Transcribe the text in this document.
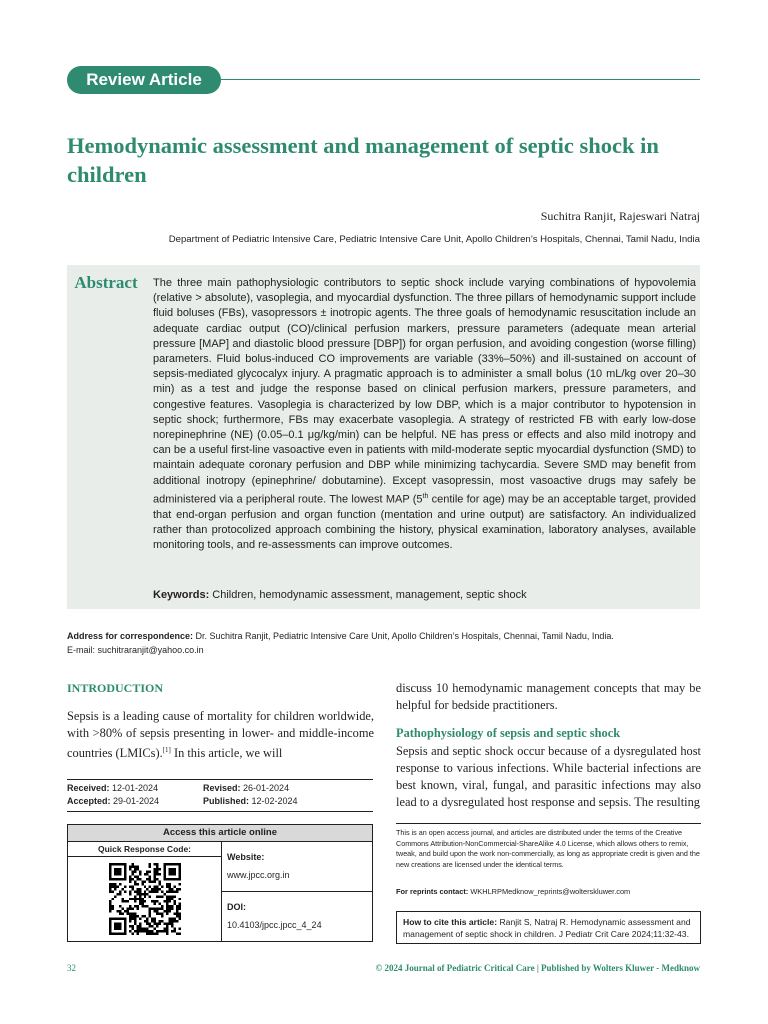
Review Article
Hemodynamic assessment and management of septic shock in children
Suchitra Ranjit, Rajeswari Natraj
Department of Pediatric Intensive Care, Pediatric Intensive Care Unit, Apollo Children’s Hospitals, Chennai, Tamil Nadu, India
Abstract	The three main pathophysiologic contributors to septic shock include varying combinations of hypovolemia (relative > absolute), vasoplegia, and myocardial dysfunction. The three pillars of hemodynamic support include fluid boluses (FBs), vasopressors ± inotropic agents. The three goals of hemodynamic resuscitation include an adequate cardiac output (CO)/clinical perfusion markers, pressure parameters (adequate mean arterial pressure [MAP] and diastolic blood pressure [DBP]) for organ perfusion, and avoiding congestion (worse filling) parameters. Fluid bolus-induced CO improvements are variable (33%–50%) and ill-sustained on account of sepsis-mediated glycocalyx injury. A pragmatic approach is to administer a small bolus (10 mL/kg over 20–30 min) as a test and judge the response based on clinical perfusion markers, pressure parameters, and congestive features. Vasoplegia is characterized by low DBP, which is a major contributor to hypotension in septic shock; furthermore, FBs may exacerbate vasoplegia. A strategy of restricted FB with early low-dose norepinephrine (NE) (0.05–0.1 μg/kg/min) can be helpful. NE has press or effects and also mild inotropy and can be a useful first-line vasoactive even in patients with mild-moderate septic myocardial dysfunction (SMD) to maintain adequate coronary perfusion and DBP while minimizing tachycardia. Severe SMD may benefit from additional inotropy (epinephrine/ dobutamine). Except vasopressin, most vasoactive drugs may safely be administered via a peripheral route. The lowest MAP (5th centile for age) may be an acceptable target, provided that end-organ perfusion and organ function (mentation and urine output) are satisfactory. An individualized rather than protocolized approach combining the history, physical examination, laboratory analyses, available monitoring tools, and re-assessments can improve outcomes.

Keywords: Children, hemodynamic assessment, management, septic shock
Address for correspondence: Dr. Suchitra Ranjit, Pediatric Intensive Care Unit, Apollo Children’s Hospitals, Chennai, Tamil Nadu, India.
E-mail: suchitraranjit@yahoo.co.in
INTRODUCTION

Sepsis is a leading cause of mortality for children worldwide, with >80% of sepsis presenting in lower- and middle-income countries (LMICs).[1] In this article, we will

discuss 10 hemodynamic management concepts that may be helpful for bedside practitioners.

Pathophysiology of sepsis and septic shock

Sepsis and septic shock occur because of a dysregulated host response to various infections. While bacterial infections are best known, viral, fungal, and parasitic infections may also lead to a dysregulated host response and sepsis. The resulting

Received: 12-01-2024	Revised: 26-01-2024
Accepted: 29-01-2024	Published: 12-02-2024
Access this article online
Quick Response Code:
Website:
www.jpcc.org.in
DOI:
10.4103/jpcc.jpcc_4_24

This is an open access journal, and articles are distributed under the terms of the Creative Commons Attribution-NonCommercial-ShareAlike 4.0 License, which allows others to remix, tweak, and build upon the work non-commercially, as long as appropriate credit is given and the new creations are licensed under the identical terms.

For reprints contact: WKHLRPMedknow_reprints@wolterskluwer.com
How to cite this article: Ranjit S, Natraj R. Hemodynamic assessment and management of septic shock in children. J Pediatr Crit Care 2024;11:32-43.
32	© 2024 Journal of Pediatric Critical Care | Published by Wolters Kluwer - Medknow
